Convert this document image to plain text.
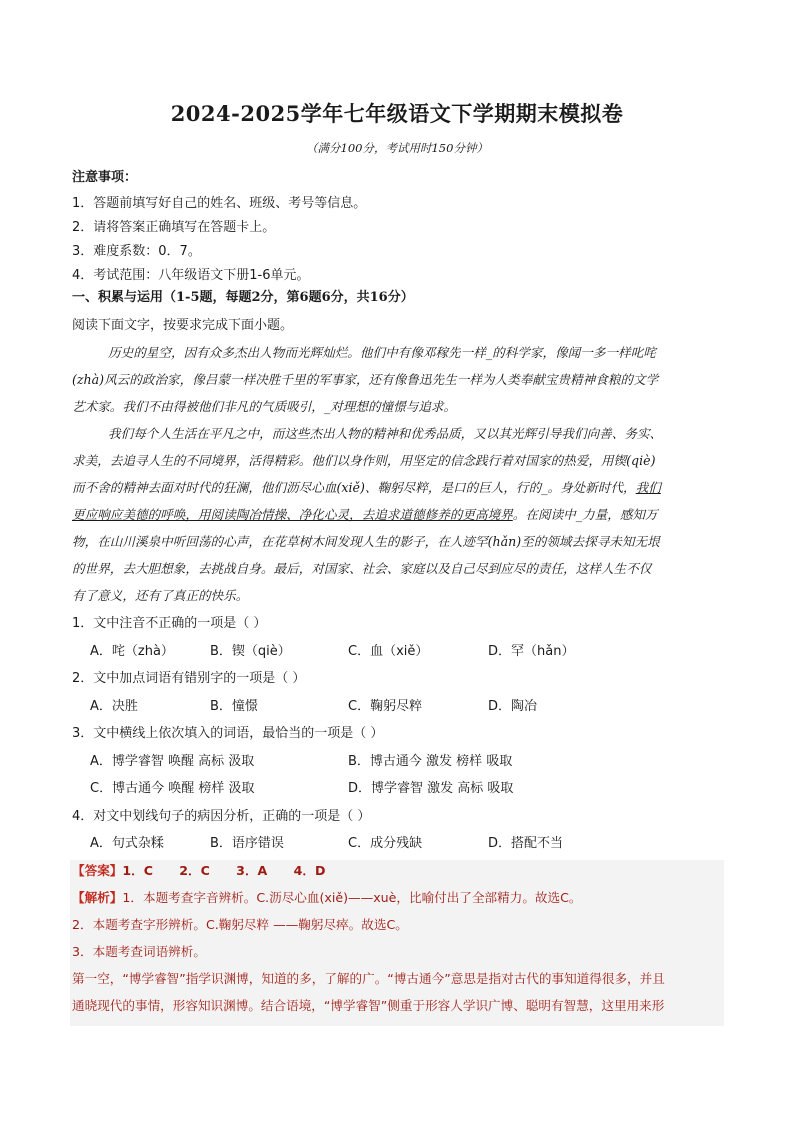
2024-2025学年七年级语文下学期期末模拟卷
（满分100分，考试用时150分钟）
注意事项：
1．答题前填写好自己的姓名、班级、考号等信息。
2．请将答案正确填写在答题卡上。
3．难度系数：0．7。
4．考试范围：八年级语文下册1-6单元。
一、积累与运用（1-5题，每题2分，第6题6分，共16分）
阅读下面文字，按要求完成下面小题。
历史的星空，因有众多杰出人物而光辉灿烂。他们中有像邓稼先一样_的科学家，像闻一多一样叱咤
(zhà)风云的政治家，像吕蒙一样决胜千里的军事家，还有像鲁迅先生一样为人类奉献宝贵精神食粮的文学
艺术家。我们不由得被他们非凡的气质吸引，_对理想的憧憬与追求。
我们每个人生活在平凡之中，而这些杰出人物的精神和优秀品质，又以其光辉引导我们向善、务实、
求美，去追寻人生的不同境界，活得精彩。他们以身作则，用坚定的信念践行着对国家的热爱，用锲(qiè)
而不舍的精神去面对时代的狂澜，他们沥尽心血(xiě)、鞠躬尽粹，是口的巨人，行的_。身处新时代，我们
更应响应美德的呼唤，用阅读陶冶情操、净化心灵，去追求道德修养的更高境界。在阅读中_力量，感知万
物，在山川溪泉中听回荡的心声，在花草树木间发现人生的影子，在人迹罕(hǎn)至的领域去探寻未知无垠
的世界，去大胆想象，去挑战自身。最后，对国家、社会、家庭以及自己尽到应尽的责任，这样人生不仅
有了意义，还有了真正的快乐。
1．文中注音不正确的一项是（ ）
A．咤（zhà）	B．锲（qiè）	C．血（xiě）	D．罕（hǎn）
2．文中加点词语有错别字的一项是（ ）
A．决胜	B．憧憬	C．鞠躬尽粹	D．陶冶
3．文中横线上依次填入的词语，最恰当的一项是（ ）
A．博学睿智 唤醒 高标 汲取	B．博古通今 激发 榜样 吸取
C．博古通今 唤醒 榜样 汲取	D．博学睿智 激发 高标 吸取
4．对文中划线句子的病因分析，正确的一项是（ ）
A．句式杂糅	B．语序错误	C．成分残缺	D．搭配不当
【答案】1．C      2．C      3．A      4．D
【解析】1．本题考查字音辨析。C.沥尽心血(xiě)——xuè，比喻付出了全部精力。故选C。
2．本题考查字形辨析。C.鞠躬尽粹 ——鞠躬尽瘁。故选C。
3．本题考查词语辨析。
第一空，“博学睿智”指学识渊博，知道的多，了解的广。“博古通今”意思是指对古代的事知道得很多，并且
通晓现代的事情，形容知识渊博。结合语境，“博学睿智”侧重于形容人学识广博、聪明有智慧，这里用来形
